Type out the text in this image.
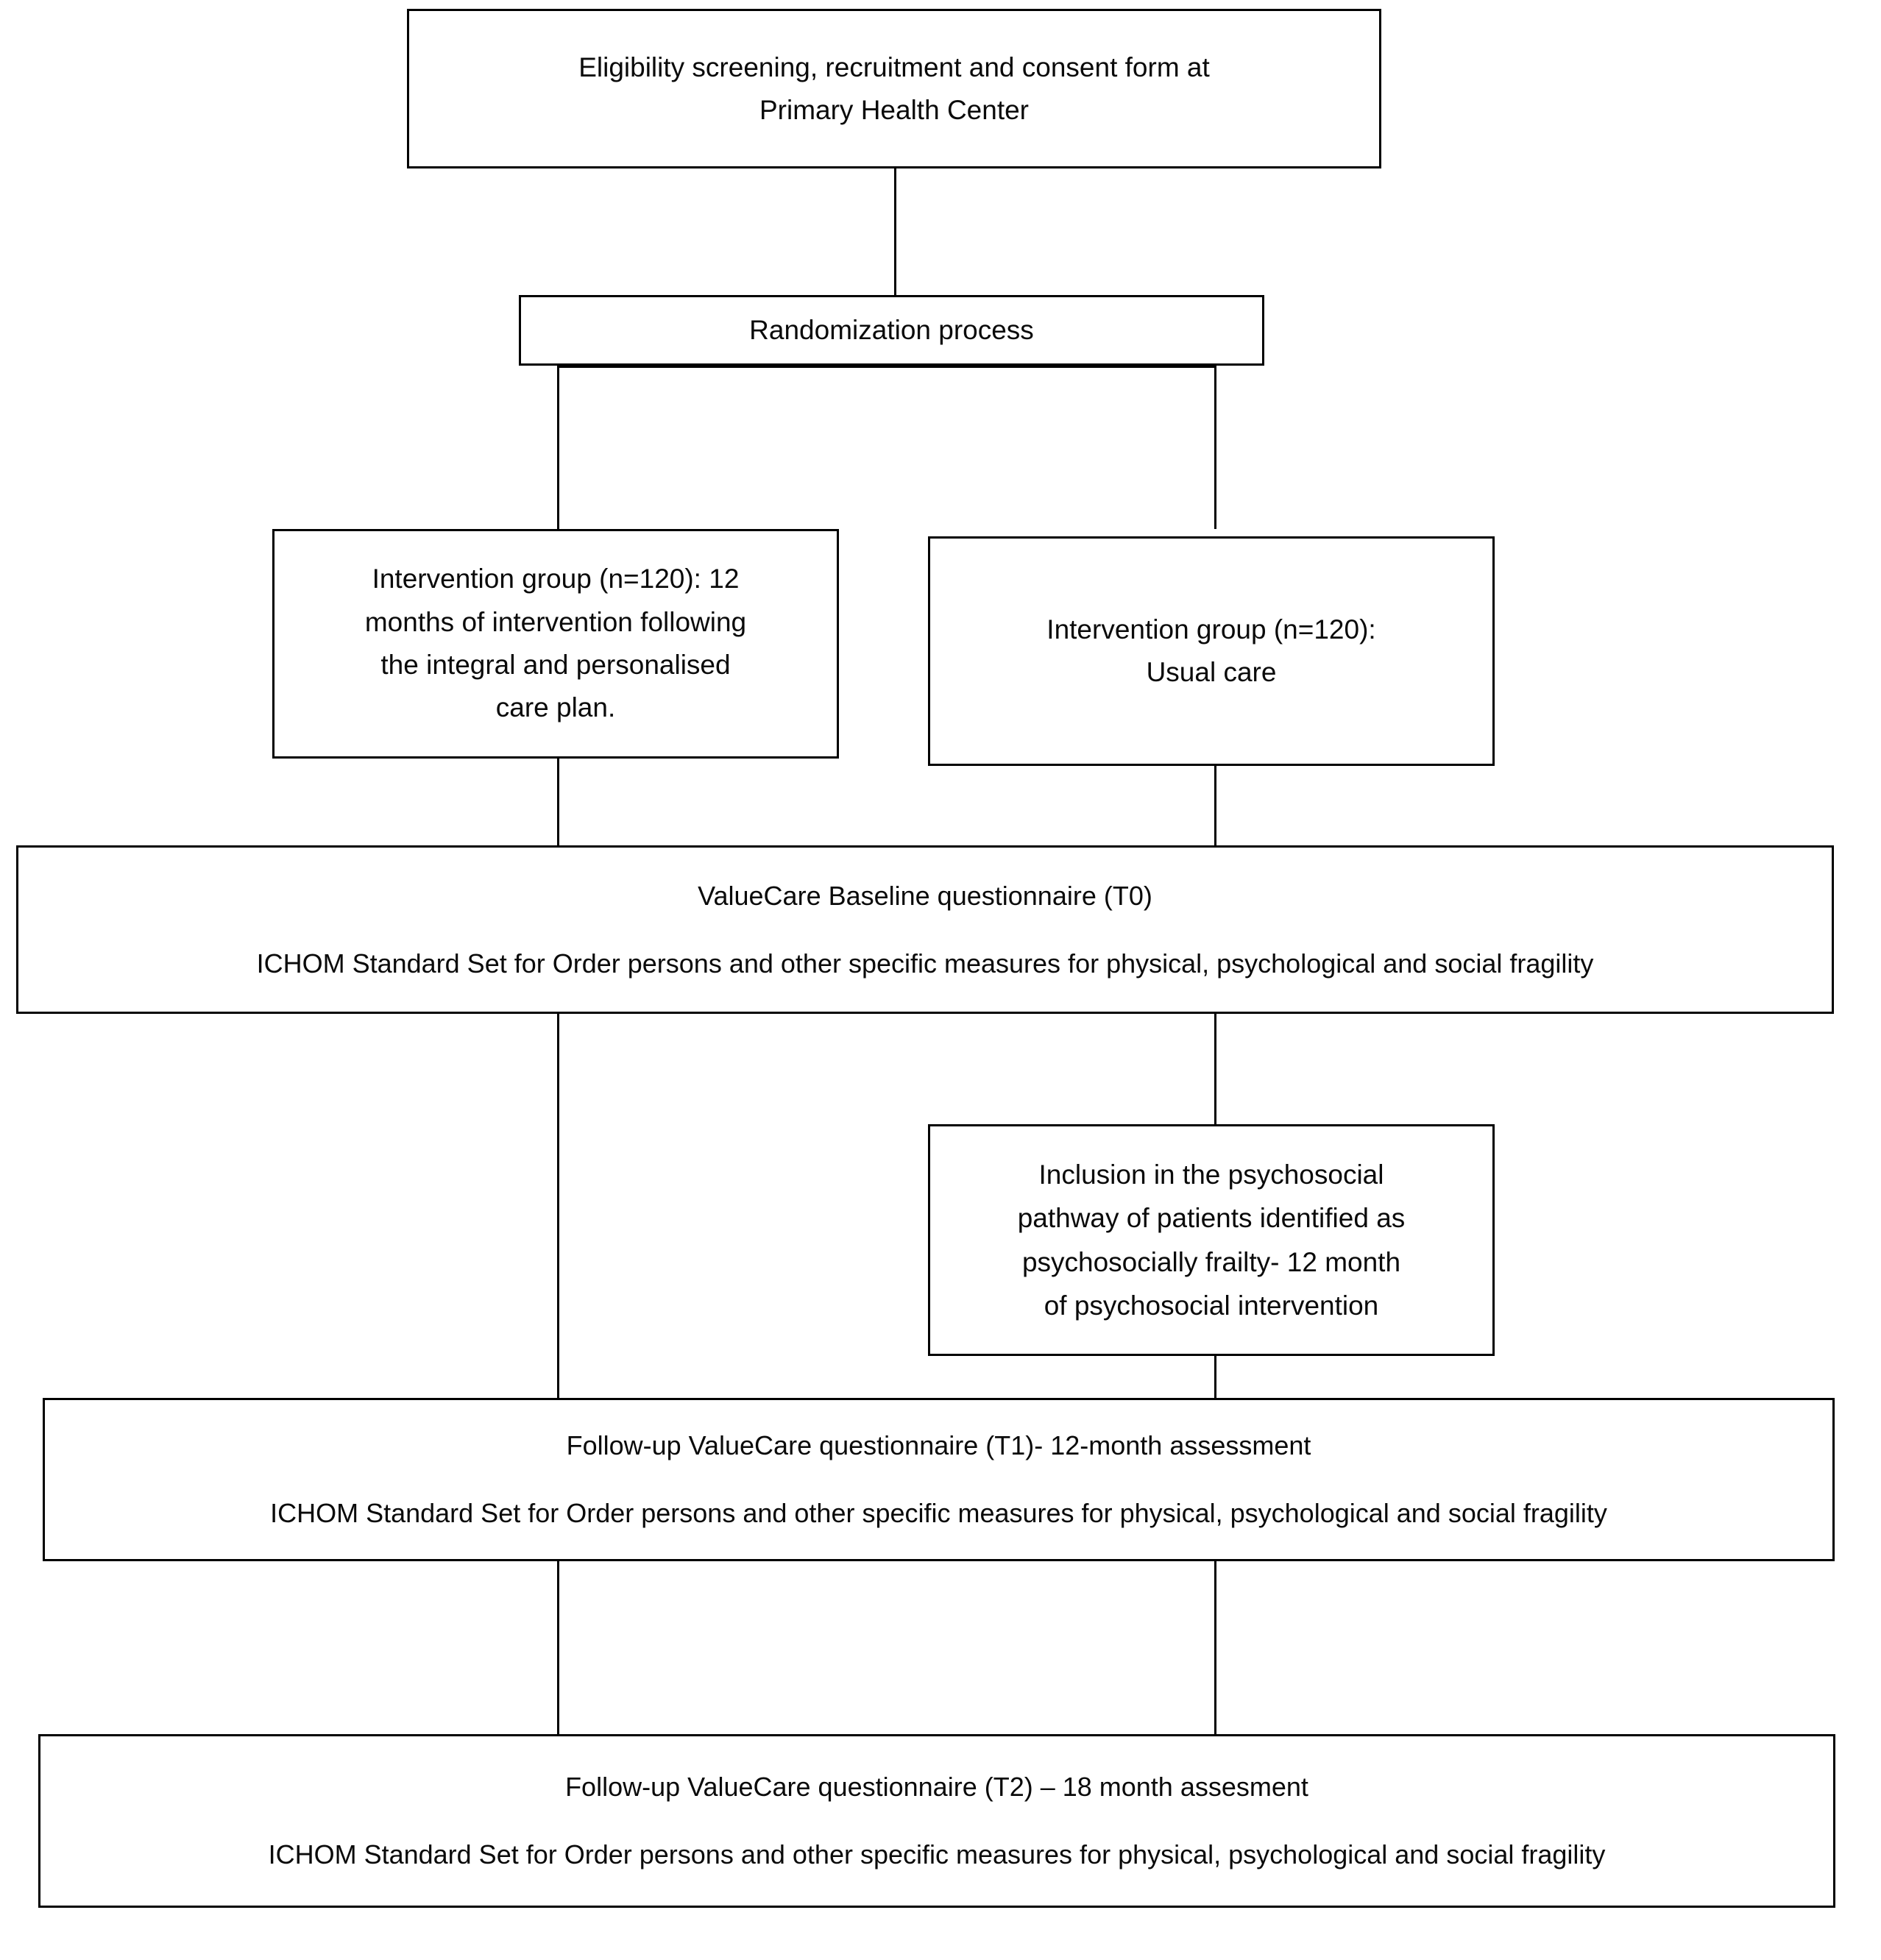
Eligibility screening, recruitment and consent form at
Primary Health Center
Randomization process
Intervention group (n=120): 12
months of intervention following
the integral and personalised
care plan.
Intervention group (n=120):
Usual care
ValueCare Baseline questionnaire (T0)
ICHOM Standard Set for Order persons and other specific measures for physical, psychological and social fragility
Inclusion in the psychosocial
pathway of patients identified as
psychosocially frailty- 12 month
of psychosocial intervention
Follow-up ValueCare questionnaire (T1)- 12-month assessment
ICHOM Standard Set for Order persons and other specific measures for physical, psychological and social fragility
Follow-up ValueCare questionnaire (T2) – 18 month assesment
ICHOM Standard Set for Order persons and other specific measures for physical, psychological and social fragility
